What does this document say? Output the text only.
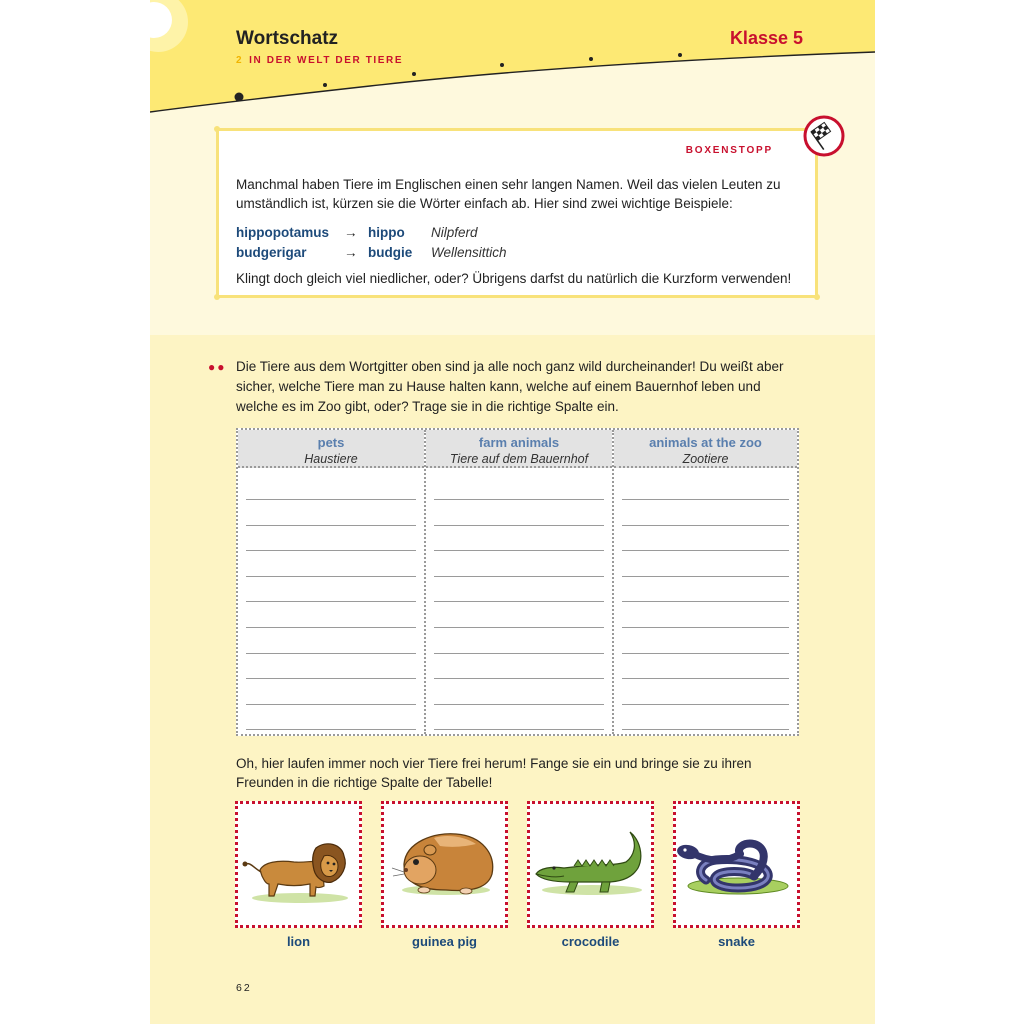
Wortschatz
2 IN DER WELT DER TIERE
Klasse 5
BOXENSTOPP
Manchmal haben Tiere im Englischen einen sehr langen Namen. Weil das vielen Leuten zu umständlich ist, kürzen sie die Wörter einfach ab. Hier sind zwei wichtige Beispiele:
hippopotamus	→ hippo	Nilpferd
budgerigar	→ budgie	Wellensittich
Klingt doch gleich viel niedlicher, oder? Übrigens darfst du natürlich die Kurzform verwenden!
●● Die Tiere aus dem Wortgitter oben sind ja alle noch ganz wild durcheinander! Du weißt aber sicher, welche Tiere man zu Hause halten kann, welche auf einem Bauernhof leben und welche es im Zoo gibt, oder? Trage sie in die richtige Spalte ein.
pets
Haustiere
farm animals
Tiere auf dem Bauernhof
animals at the zoo
Zootiere
Oh, hier laufen immer noch vier Tiere frei herum! Fange sie ein und bringe sie zu ihren Freunden in die richtige Spalte der Tabelle!
lion	guinea pig	crocodile	snake
62
